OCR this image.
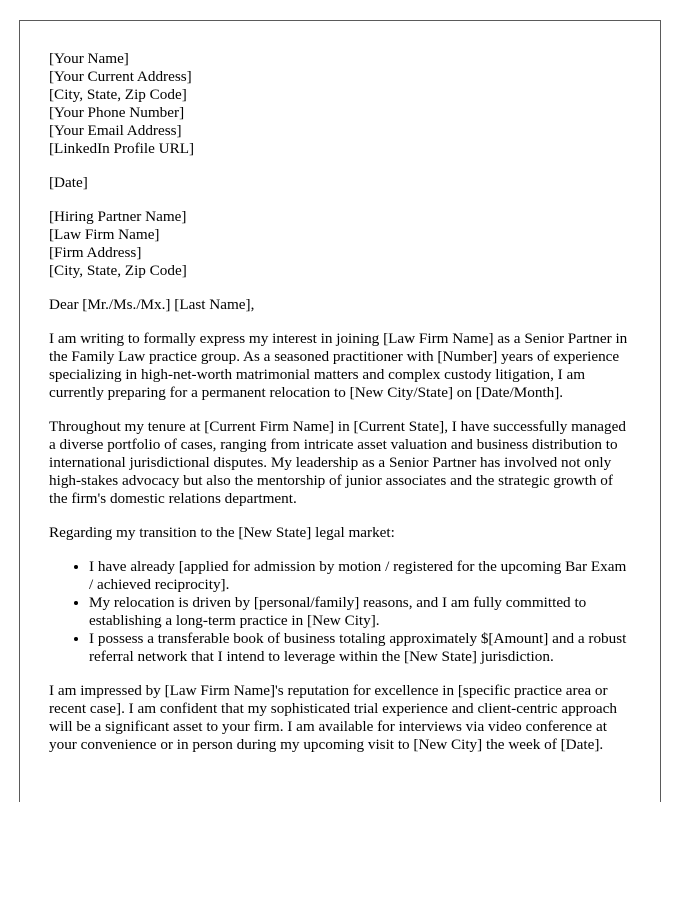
[Your Name]
[Your Current Address]
[City, State, Zip Code]
[Your Phone Number]
[Your Email Address]
[LinkedIn Profile URL]
[Date]
[Hiring Partner Name]
[Law Firm Name]
[Firm Address]
[City, State, Zip Code]

Dear [Mr./Ms./Mx.] [Last Name],

I am writing to formally express my interest in joining [Law Firm Name] as a Senior Partner in the Family Law practice group. As a seasoned practitioner with [Number] years of experience specializing in high-net-worth matrimonial matters and complex custody litigation, I am currently preparing for a permanent relocation to [New City/State] on [Date/Month].

Throughout my tenure at [Current Firm Name] in [Current State], I have successfully managed a diverse portfolio of cases, ranging from intricate asset valuation and business distribution to international jurisdictional disputes. My leadership as a Senior Partner has involved not only high-stakes advocacy but also the mentorship of junior associates and the strategic growth of the firm's domestic relations department.

Regarding my transition to the [New State] legal market:

• I have already [applied for admission by motion / registered for the upcoming Bar Exam / achieved reciprocity].
• My relocation is driven by [personal/family] reasons, and I am fully committed to establishing a long-term practice in [New City].
• I possess a transferable book of business totaling approximately $[Amount] and a robust referral network that I intend to leverage within the [New State] jurisdiction.

I am impressed by [Law Firm Name]'s reputation for excellence in [specific practice area or recent case]. I am confident that my sophisticated trial experience and client-centric approach will be a significant asset to your firm. I am available for interviews via video conference at your convenience or in person during my upcoming visit to [New City] the week of [Date].
